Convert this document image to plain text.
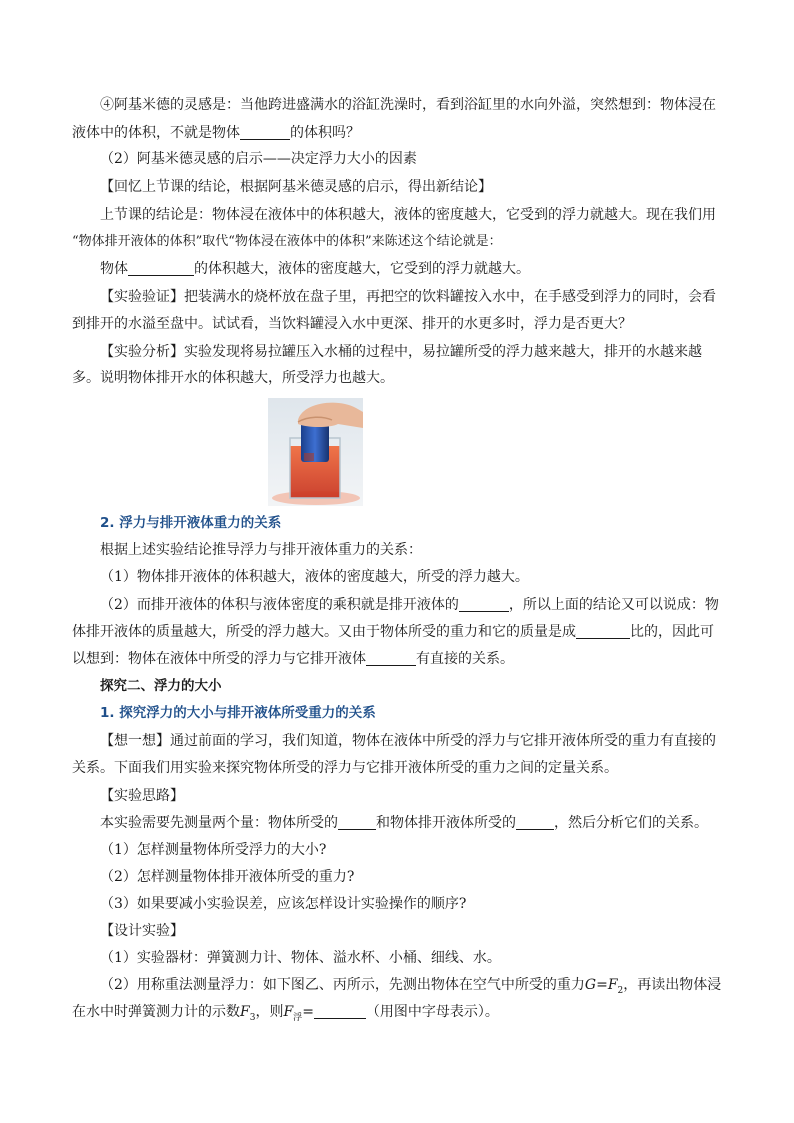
④阿基米德的灵感是：当他跨进盛满水的浴缸洗澡时，看到浴缸里的水向外溢，突然想到：物体浸在

液体中的体积，不就是物体	的体积吗？

（2）阿基米德灵感的启示——决定浮力大小的因素

【回忆上节课的结论，根据阿基米德灵感的启示，得出新结论】

上节课的结论是：物体浸在液体中的体积越大，液体的密度越大，它受到的浮力就越大。现在我们用

“物体排开液体的体积”取代“物体浸在液体中的体积”来陈述这个结论就是：

物体	的体积越大，液体的密度越大，它受到的浮力就越大。

【实验验证】把装满水的烧杯放在盘子里，再把空的饮料罐按入水中，在手感受到浮力的同时，会看

到排开的水溢至盘中。试试看，当饮料罐浸入水中更深、排开的水更多时，浮力是否更大？

【实验分析】实验发现将易拉罐压入水桶的过程中，易拉罐所受的浮力越来越大，排开的水越来越

多。说明物体排开水的体积越大，所受浮力也越大。

2. 浮力与排开液体重力的关系

根据上述实验结论推导浮力与排开液体重力的关系：

（1）物体排开液体的体积越大，液体的密度越大，所受的浮力越大。

（2）而排开液体的体积与液体密度的乘积就是排开液体的	，所以上面的结论又可以说成：物

体排开液体的质量越大，所受的浮力越大。又由于物体所受的重力和它的质量是成	比的，因此可

以想到：物体在液体中所受的浮力与它排开液体	有直接的关系。

探究二、浮力的大小

1. 探究浮力的大小与排开液体所受重力的关系

【想一想】通过前面的学习，我们知道，物体在液体中所受的浮力与它排开液体所受的重力有直接的

关系。下面我们用实验来探究物体所受的浮力与它排开液体所受的重力之间的定量关系。

【实验思路】

本实验需要先测量两个量：物体所受的	和物体排开液体所受的	，然后分析它们的关系。

（1）怎样测量物体所受浮力的大小?

（2）怎样测量物体排开液体所受的重力?

（3）如果要减小实验误差，应该怎样设计实验操作的顺序?

【设计实验】

（1）实验器材：弹簧测力计、物体、溢水杯、小桶、细线、水。

（2）用称重法测量浮力：如下图乙、丙所示，先测出物体在空气中所受的重力$G=F_2$，再读出物体浸

在水中时弹簧测力计的示数$F_3$，则$F_浮=$	（用图中字母表示）。
